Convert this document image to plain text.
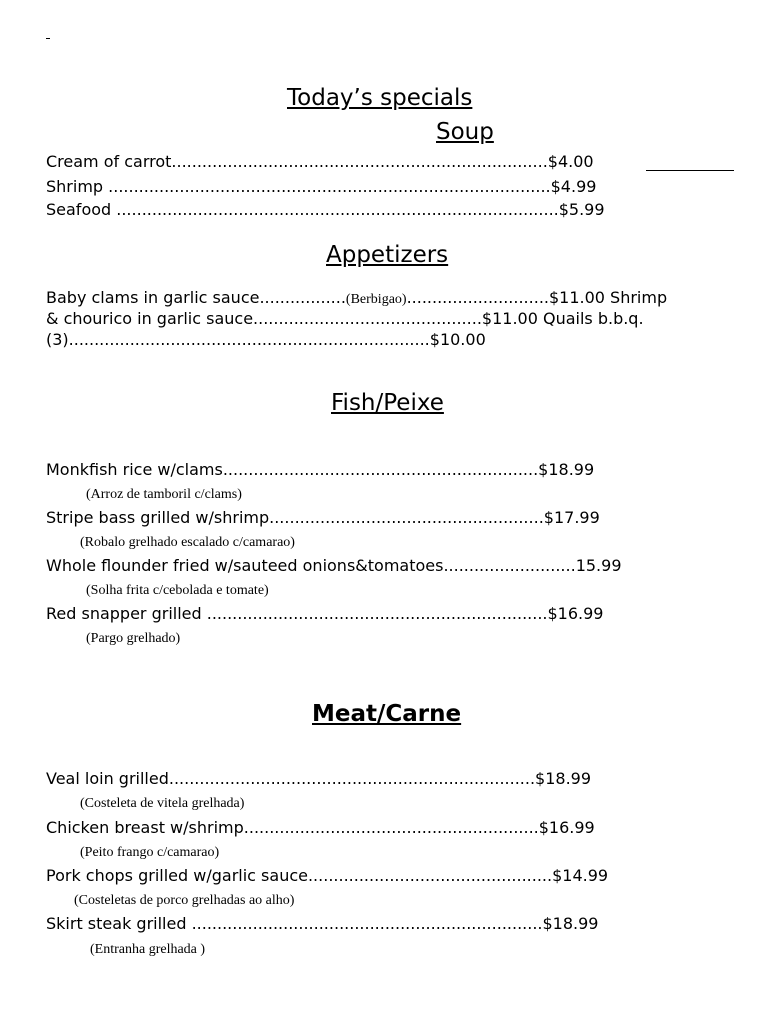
Today’s specials

Soup

Cream of carrot..........................................................................$4.00

Shrimp .......................................................................................$4.99

Seafood .......................................................................................$5.99

Appetizers

Baby clams in garlic sauce.................(Berbigao)............................$11.00 Shrimp

& chourico in garlic sauce.............................................$11.00 Quails b.b.q.

(3).......................................................................$10.00

Fish/Peixe

Monkfish rice w/clams..............................................................$18.99

(Arroz de tamboril c/clams)

Stripe bass grilled w/shrimp......................................................$17.99

(Robalo grelhado escalado c/camarao)

Whole flounder fried w/sauteed onions&tomatoes..........................15.99

(Solha frita c/cebolada e tomate)

Red snapper grilled ...................................................................$16.99

(Pargo grelhado)

Meat/Carne

Veal loin grilled........................................................................$18.99

(Costeleta de vitela grelhada)

Chicken breast w/shrimp..........................................................$16.99

(Peito frango c/camarao)

Pork chops grilled w/garlic sauce................................................$14.99

(Costeletas de porco grelhadas ao alho)

Skirt steak grilled .....................................................................$18.99

(Entranha grelhada )
